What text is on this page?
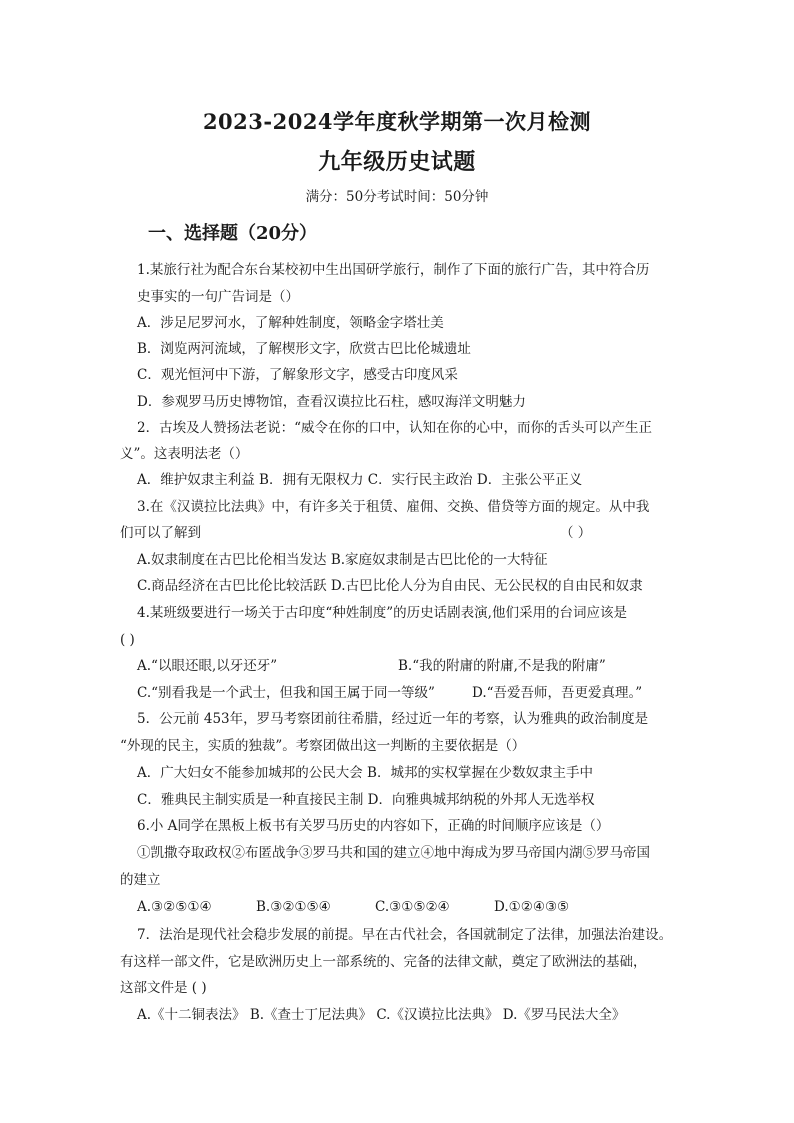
2023-2024学年度秋学期第一次月检测
九年级历史试题
满分：50分考试时间：50分钟
一、选择题（20分）
1.某旅行社为配合东台某校初中生出国研学旅行，制作了下面的旅行广告，其中符合历
史事实的一句广告词是（）
A．涉足尼罗河水，了解种姓制度，领略金字塔壮美
B．浏览两河流域，了解楔形文字，欣赏古巴比伦城遗址
C．观光恒河中下游，了解象形文字，感受古印度风采
D．参观罗马历史博物馆，查看汉谟拉比石柱，感叹海洋文明魅力
2．古埃及人赞扬法老说：“威令在你的口中，认知在你的心中，而你的舌头可以产生正
义”。这表明法老（）
A．维护奴隶主利益 B．拥有无限权力 C．实行民主政治 D．主张公平正义
3.在《汉谟拉比法典》中，有许多关于租赁、雇佣、交换、借贷等方面的规定。从中我
们可以了解到	（ ）
A.奴隶制度在古巴比伦相当发达 B.家庭奴隶制是古巴比伦的一大特征
C.商品经济在古巴比伦比较活跃 D.古巴比伦人分为自由民、无公民权的自由民和奴隶
4.某班级要进行一场关于古印度“种姓制度”的历史话剧表演,他们采用的台词应该是
( )
A.“以眼还眼,以牙还牙”	B.“我的附庸的附庸,不是我的附庸”
C.“别看我是一个武士，但我和国王属于同一等级”	D.“吾爱吾师，吾更爱真理。”
5．公元前 453年，罗马考察团前往希腊，经过近一年的考察，认为雅典的政治制度是
“外现的民主，实质的独裁”。考察团做出这一判断的主要依据是（）
A．广大妇女不能参加城邦的公民大会 B．城邦的实权掌握在少数奴隶主手中
C．雅典民主制实质是一种直接民主制 D．向雅典城邦纳税的外邦人无选举权
6.小 A同学在黑板上板书有关罗马历史的内容如下，正确的时间顺序应该是（）
①凯撒夺取政权②布匿战争③罗马共和国的建立④地中海成为罗马帝国内湖⑤罗马帝国
的建立
A.③②⑤①④	B.③②①⑤④	C.③①⑤②④	D.①②④③⑤
7．法治是现代社会稳步发展的前提。早在古代社会，各国就制定了法律，加强法治建设。
有这样一部文件，它是欧洲历史上一部系统的、完备的法律文献，奠定了欧洲法的基础，
这部文件是 ( )
A.《十二铜表法》 B.《查士丁尼法典》 C.《汉谟拉比法典》 D.《罗马民法大全》
